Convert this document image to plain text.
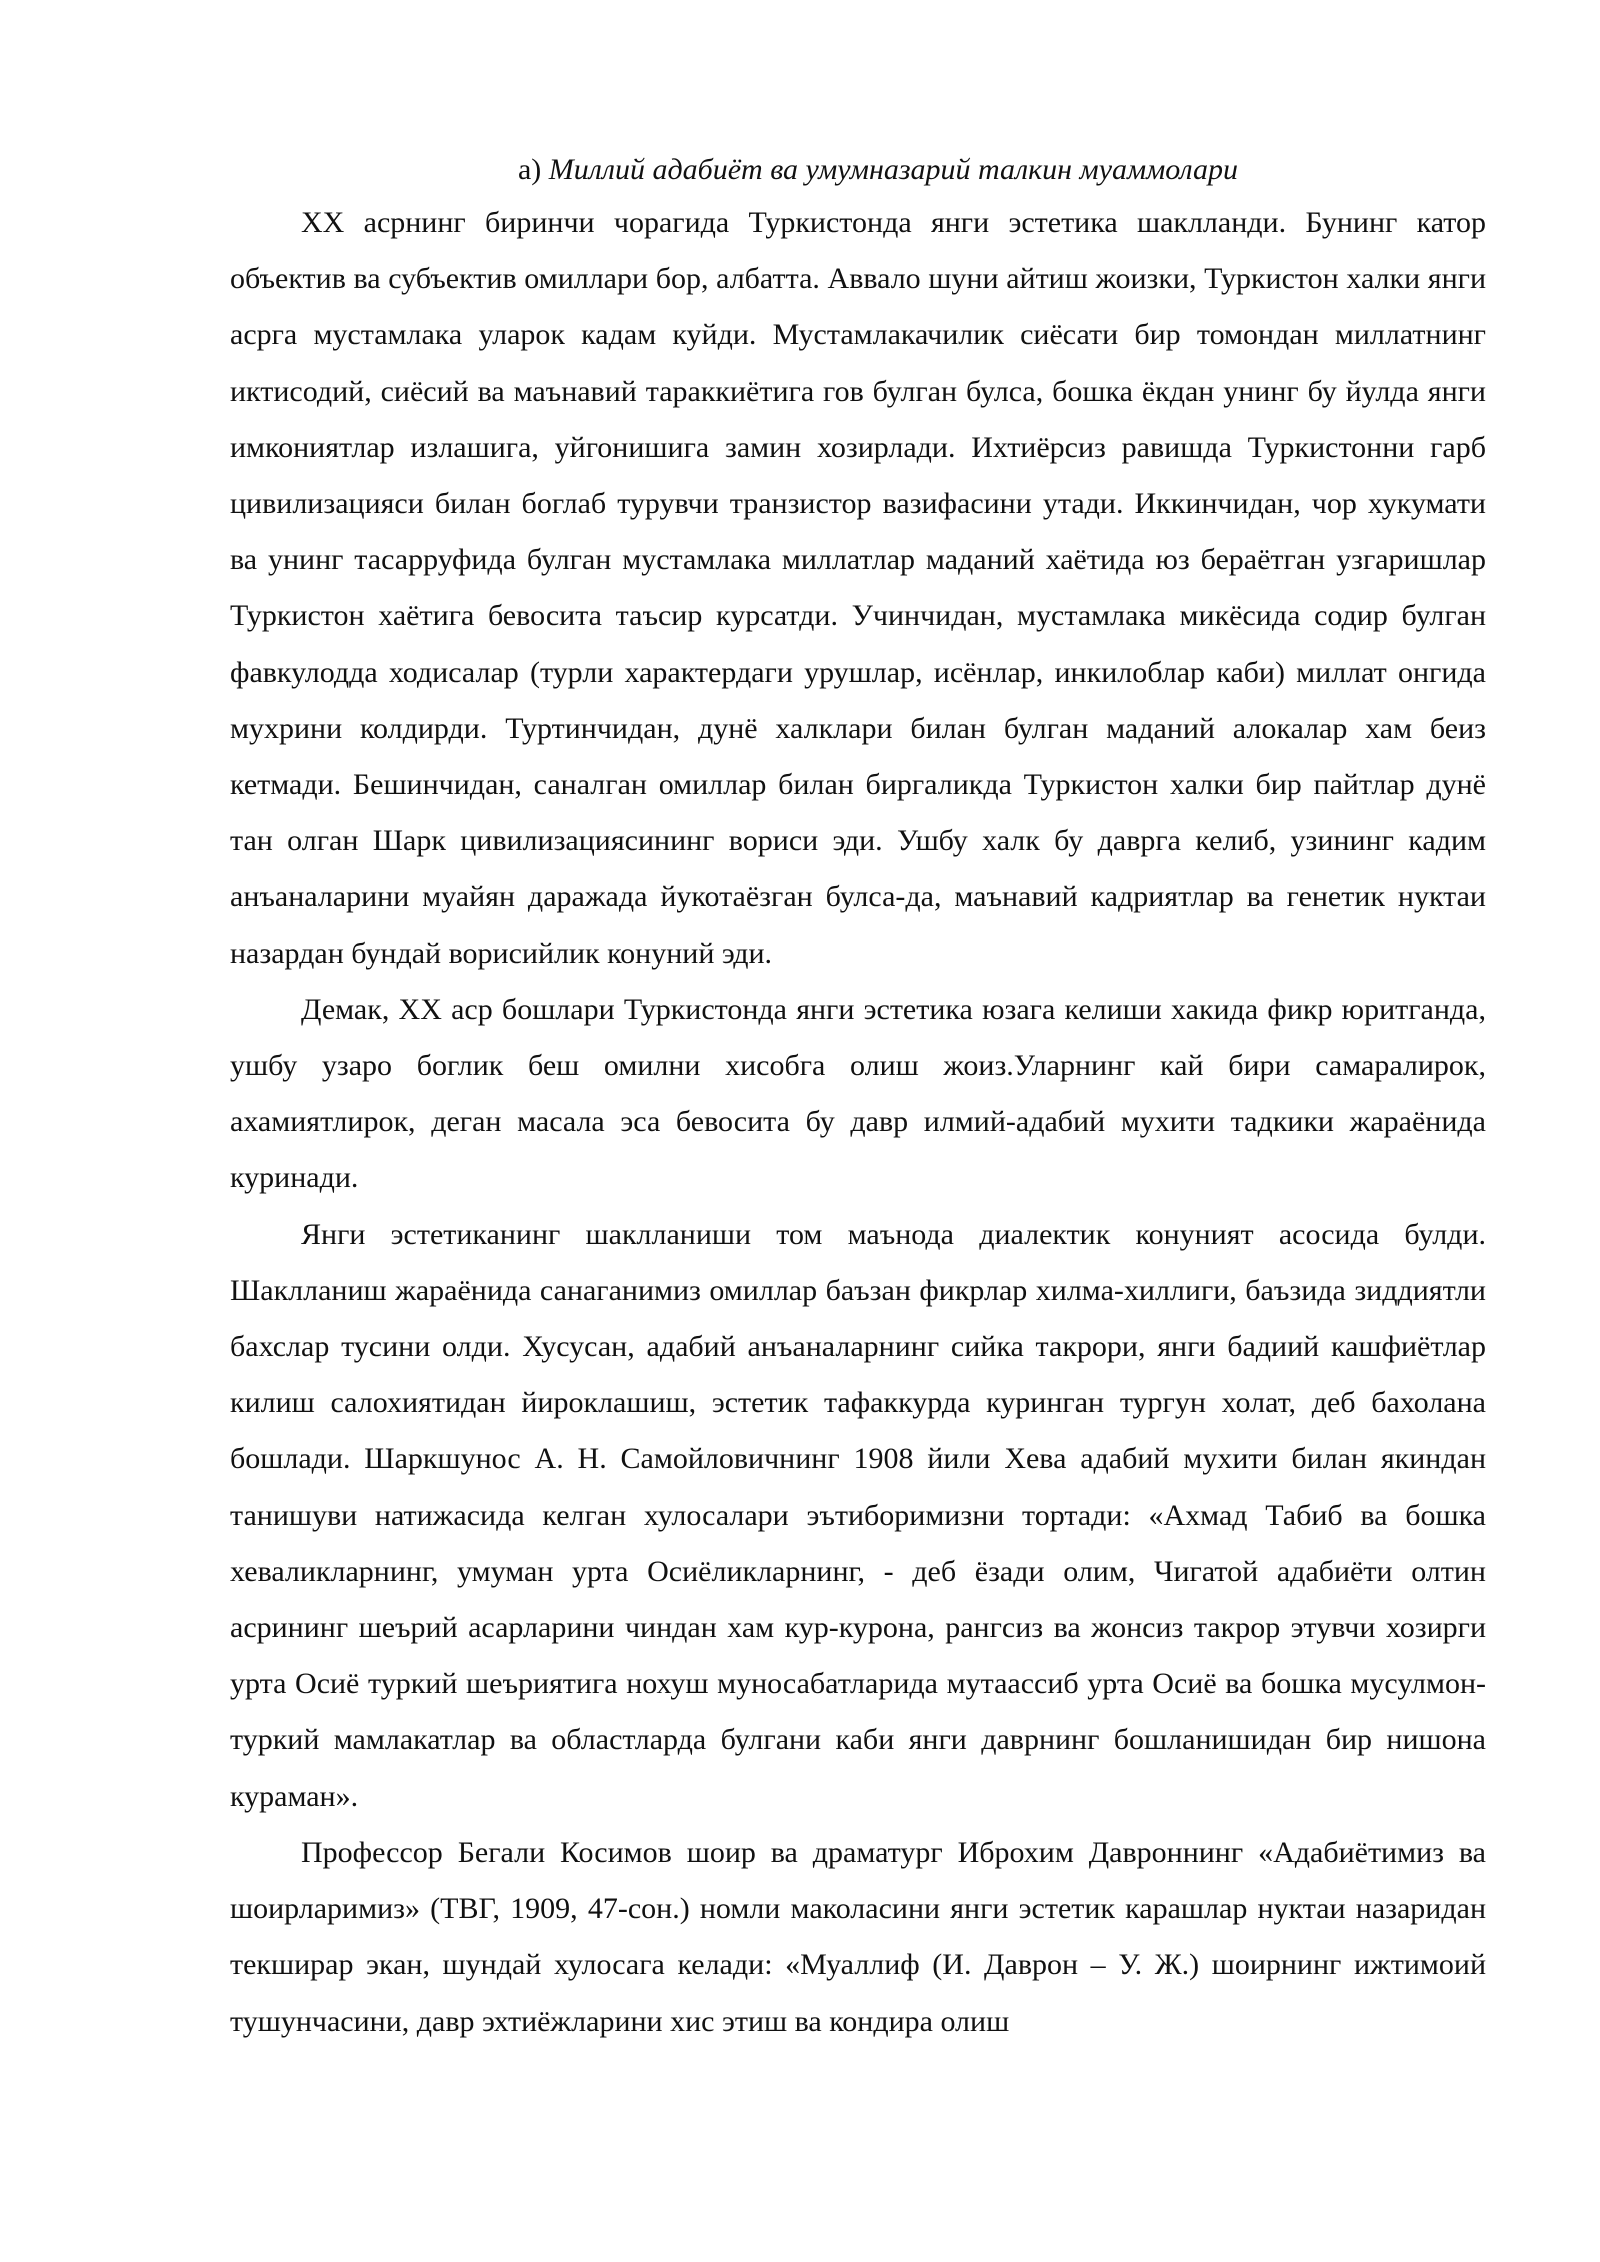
а) Миллий адабиёт ва умумназарий талкин муаммолари

ХХ асрнинг биринчи чорагида Туркистонда янги эстетика шаклланди. Бунинг катор объектив ва субъектив омиллари бор, албатта. Аввало шуни айтиш жоизки, Туркистон халки янги асрга мустамлака уларок кадам куйди. Мустамлакачилик сиёсати бир томондан миллатнинг иктисодий, сиёсий ва маънавий тараккиётига гов булган булса, бошка ёкдан унинг бу йулда янги имкониятлар излашига, уйгонишига замин хозирлади. Ихтиёрсиз равишда Туркистонни гарб цивилизацияси билан боглаб турувчи транзистор вазифасини утади. Иккинчидан, чор хукумати ва унинг тасарруфида булган мустамлака миллатлар маданий хаётида юз бераётган узгаришлар Туркистон хаётига бевосита таъсир курсатди. Учинчидан, мустамлака микёсида содир булган фавкулодда ходисалар (турли характердаги урушлар, исёнлар, инкилоблар каби) миллат онгида мухрини колдирди. Туртинчидан, дунё халклари билан булган маданий алокалар хам беиз кетмади. Бешинчидан, саналган омиллар билан биргаликда Туркистон халки бир пайтлар дунё тан олган Шарк цивилизациясининг вориси эди. Ушбу халк бу даврга келиб, узининг кадим анъаналарини муайян даражада йукотаёзган булса-да, маънавий кадриятлар ва генетик нуктаи назардан бундай ворисийлик конуний эди.

Демак, ХХ аср бошлари Туркистонда янги эстетика юзага келиши хакида фикр юритганда, ушбу узаро боглик беш омилни хисобга олиш жоиз.Уларнинг кай бири самаралирок, ахамиятлирок, деган масала эса бевосита бу давр илмий-адабий мухити тадкики жараёнида куринади.

Янги эстетиканинг шаклланиши том маънода диалектик конуният асосида булди. Шаклланиш жараёнида санаганимиз омиллар баъзан фикрлар хилма-хиллиги, баъзида зиддиятли бахслар тусини олди. Хусусан, адабий анъаналарнинг сийка такрори, янги бадиий кашфиётлар килиш салохиятидан йироклашиш, эстетик тафаккурда куринган тургун холат, деб бахолана бошлади. Шаркшунос А. Н. Самойловичнинг 1908 йили Хева адабий мухити билан якиндан танишуви натижасида келган хулосалари эътиборимизни тортади: «Ахмад Табиб ва бошка хеваликларнинг, умуман урта Осиёликларнинг, - деб ёзади олим, Чигатой адабиёти олтин асрининг шеърий асарларини чиндан хам кур-курона, рангсиз ва жонсиз такрор этувчи хозирги урта Осиё туркий шеъриятига нохуш муносабатларида мутаассиб урта Осиё ва бошка мусулмон-туркий мамлакатлар ва областларда булгани каби янги даврнинг бошланишидан бир нишона кураман».

Профессор Бегали Косимов шоир ва драматург Иброхим Давроннинг «Адабиётимиз ва шоирларимиз» (ТВГ, 1909, 47-сон.) номли маколасини янги эстетик карашлар нуктаи назаридан текширар экан, шундай хулосага келади: «Муаллиф (И. Даврон – У. Ж.) шоирнинг ижтимоий тушунчасини, давр эхтиёжларини хис этиш ва кондира олиш
